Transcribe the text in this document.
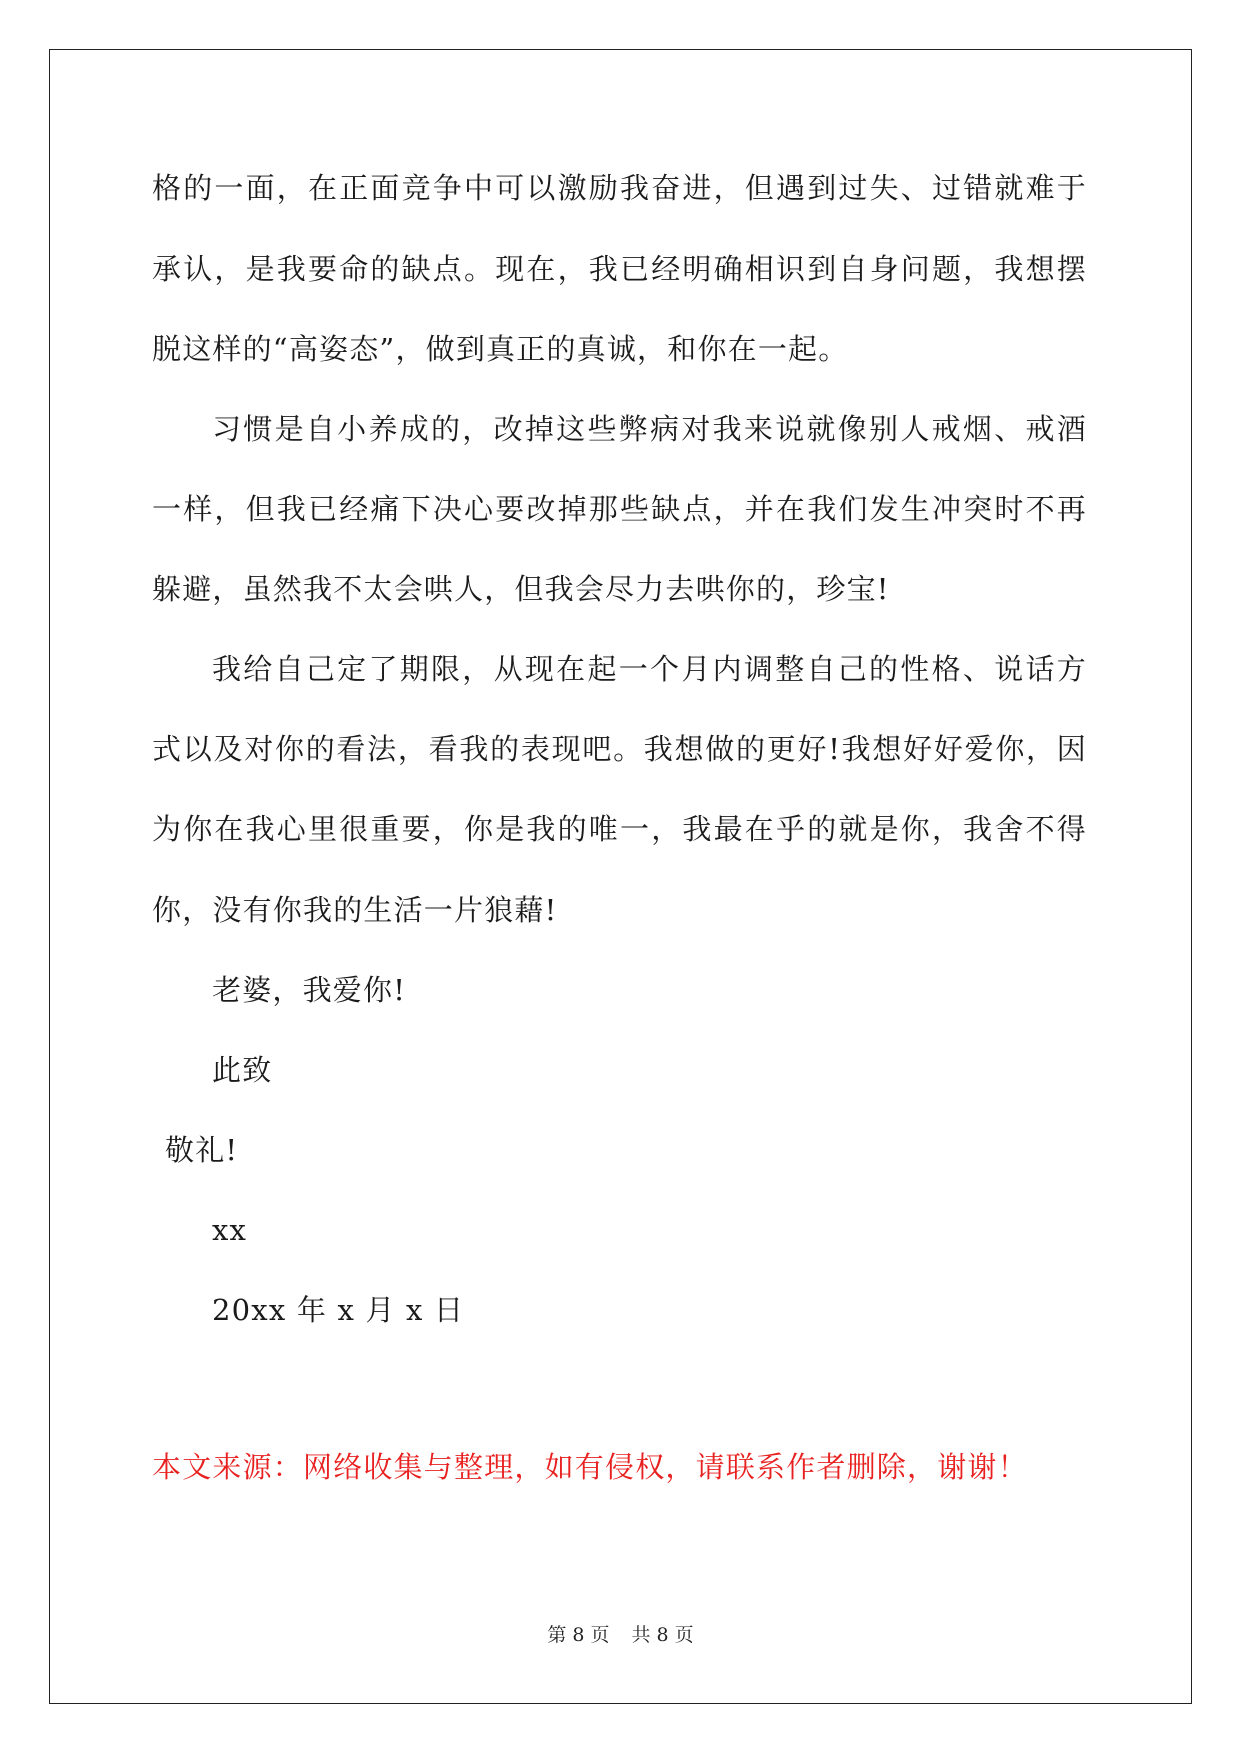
格的一面，在正面竞争中可以激励我奋进，但遇到过失、过错就难于
承认，是我要命的缺点。现在，我已经明确相识到自身问题，我想摆
脱这样的“高姿态”，做到真正的真诚，和你在一起。
习惯是自小养成的，改掉这些弊病对我来说就像别人戒烟、戒酒
一样，但我已经痛下决心要改掉那些缺点，并在我们发生冲突时不再
躲避，虽然我不太会哄人，但我会尽力去哄你的，珍宝!
我给自己定了期限，从现在起一个月内调整自己的性格、说话方
式以及对你的看法，看我的表现吧。我想做的更好!我想好好爱你，因
为你在我心里很重要，你是我的唯一，我最在乎的就是你，我舍不得
你，没有你我的生活一片狼藉!
老婆，我爱你!
此致
敬礼!
xx
20xx 年 x 月 x 日
本文来源：网络收集与整理，如有侵权，请联系作者删除，谢谢！
第 8 页 共 8 页
